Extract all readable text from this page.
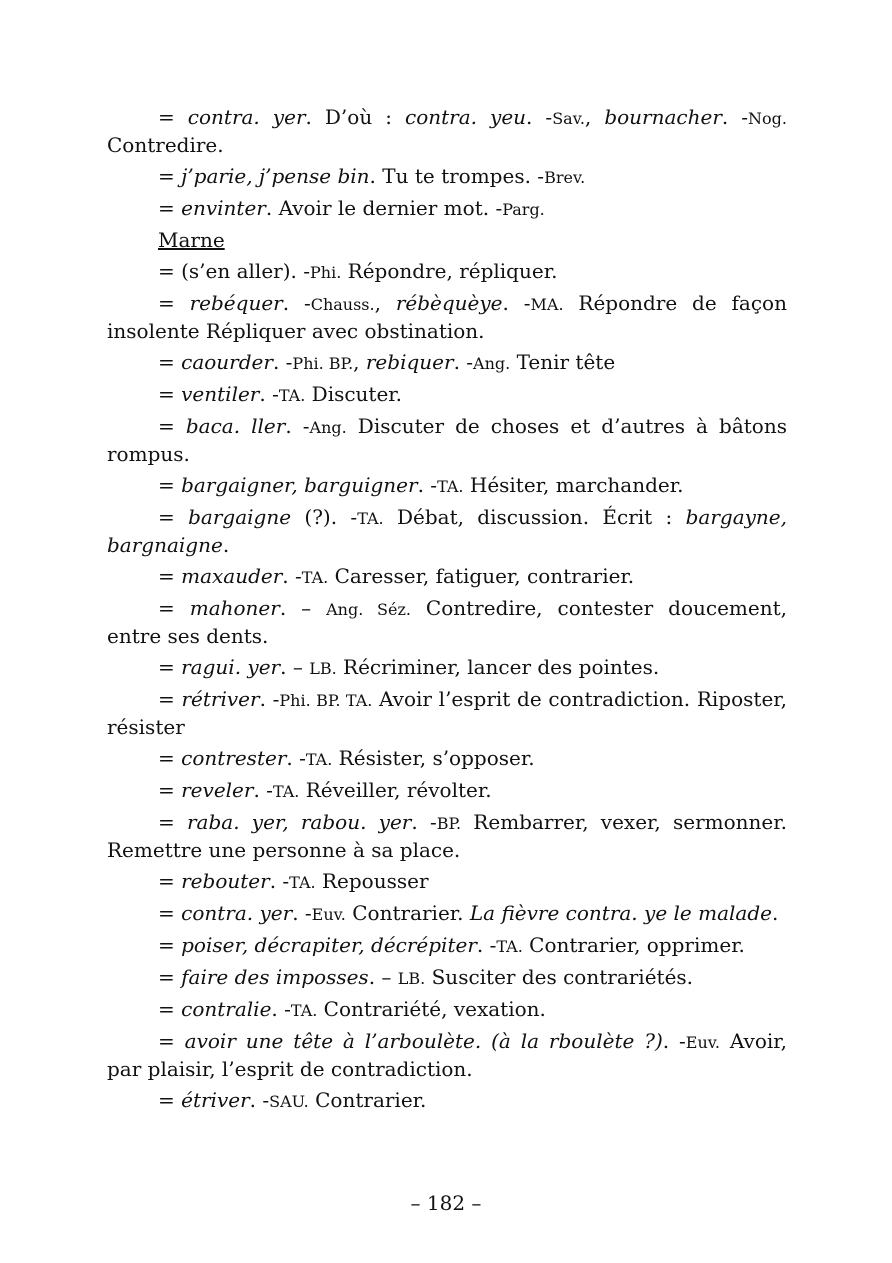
= contra. yer. D’où : contra. yeu. -Sav., bournacher. -Nog. Contredire.

= j’parie, j’pense bin. Tu te trompes. -Brev.

= envinter. Avoir le dernier mot. -Parg.

Marne

= (s’en aller). -Phi. Répondre, répliquer.

= rebéquer. -Chauss., rébèquèye. -MA. Répondre de façon insolente Répliquer avec obstination.

= caourder. -Phi. BP., rebiquer. -Ang. Tenir tête

= ventiler. -TA. Discuter.

= baca. ller. -Ang. Discuter de choses et d’autres à bâtons rompus.

= bargaigner, barguigner. -TA. Hésiter, marchander.

= bargaigne (?). -TA. Débat, discussion. Écrit : bargayne, bargnaigne.

= maxauder. -TA. Caresser, fatiguer, contrarier.

= mahoner. – Ang. Séz. Contredire, contester doucement, entre ses dents.

= ragui. yer. – LB. Récriminer, lancer des pointes.

= rétriver. -Phi. BP. TA. Avoir l’esprit de contradiction. Riposter, résister

= contrester. -TA. Résister, s’opposer.

= reveler. -TA. Réveiller, révolter.

= raba. yer, rabou. yer. -BP. Rembarrer, vexer, sermonner. Remettre une personne à sa place.

= rebouter. -TA. Repousser

= contra. yer. -Euv. Contrarier. La fièvre contra. ye le malade.

= poiser, décrapiter, décrépiter. -TA. Contrarier, opprimer.

= faire des imposses. – LB. Susciter des contrariétés.

= contralie. -TA. Contrariété, vexation.

= avoir une tête à l’arboulète. (à la rboulète ?). -Euv. Avoir, par plaisir, l’esprit de contradiction.

= étriver. -SAU. Contrarier.

– 182 –
